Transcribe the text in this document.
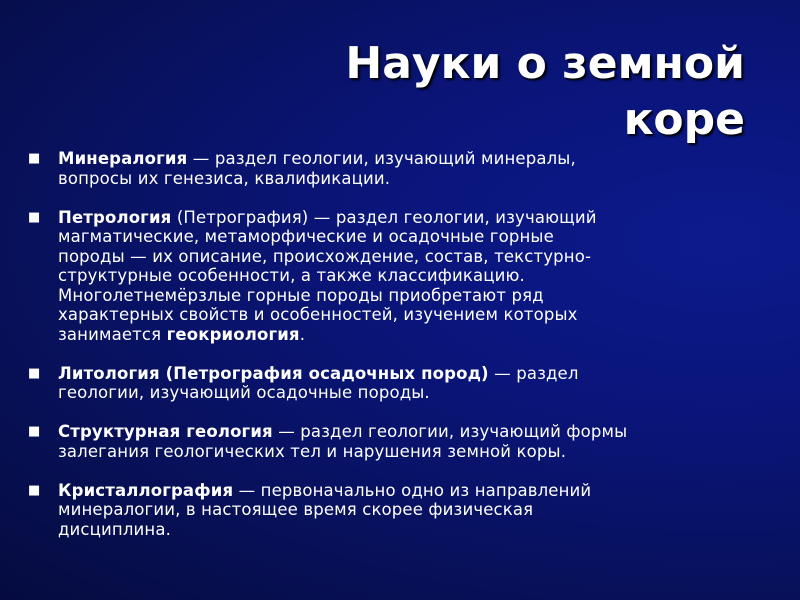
Науки о земной
коре
■ Минералогия — раздел геологии, изучающий минералы,
вопросы их генезиса, квалификации.
■ Петрология (Петрография) — раздел геологии, изучающий
магматические, метаморфические и осадочные горные
породы — их описание, происхождение, состав, текстурно-
структурные особенности, а также классификацию.
Многолетнемёрзлые горные породы приобретают ряд
характерных свойств и особенностей, изучением которых
занимается геокриология.
■ Литология (Петрография осадочных пород) — раздел
геологии, изучающий осадочные породы.
■ Структурная геология — раздел геологии, изучающий формы
залегания геологических тел и нарушения земной коры.
■ Кристаллография — первоначально одно из направлений
минералогии, в настоящее время скорее физическая
дисциплина.
